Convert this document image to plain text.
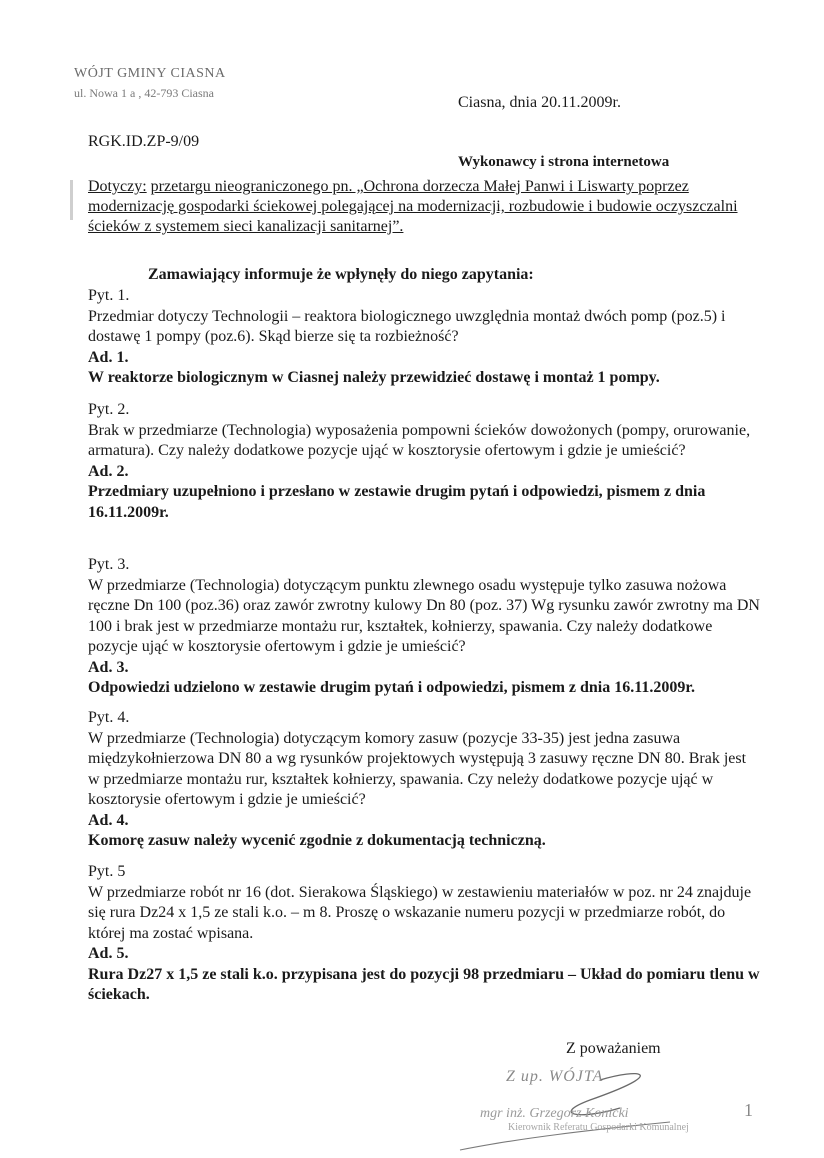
WÓJT GMINY CIASNA
ul. Nowa 1 a , 42-793 Ciasna
Ciasna, dnia 20.11.2009r.
RGK.ID.ZP-9/09
Wykonawcy i strona internetowa
Dotyczy: przetargu nieograniczonego pn. „Ochrona dorzecza Małej Panwi i Liswarty poprzez modernizację gospodarki ściekowej polegającej na modernizacji, rozbudowie i budowie oczyszczalni ścieków z systemem sieci kanalizacji sanitarnej”.
Zamawiający informuje że wpłynęły do niego zapytania:
Pyt. 1.
Przedmiar dotyczy Technologii – reaktora biologicznego uwzględnia montaż dwóch pomp (poz.5) i dostawę 1 pompy (poz.6). Skąd bierze się ta rozbieżność?
Ad. 1.
W reaktorze biologicznym w Ciasnej należy przewidzieć dostawę i montaż 1 pompy.
Pyt. 2.
Brak w przedmiarze (Technologia) wyposażenia pompowni ścieków dowożonych (pompy, orurowanie, armatura). Czy należy dodatkowe pozycje ująć w kosztorysie ofertowym i gdzie je umieścić?
Ad. 2.
Przedmiary uzupełniono i przesłano w zestawie drugim pytań i odpowiedzi, pismem z dnia 16.11.2009r.
Pyt. 3.
W przedmiarze (Technologia) dotyczącym punktu zlewnego osadu występuje tylko zasuwa nożowa ręczne Dn 100 (poz.36) oraz zawór zwrotny kulowy Dn 80 (poz. 37) Wg rysunku zawór zwrotny ma DN 100 i brak jest w przedmiarze montażu rur, kształtek, kołnierzy, spawania. Czy należy dodatkowe pozycje ująć w kosztorysie ofertowym i gdzie je umieścić?
Ad. 3.
Odpowiedzi udzielono w zestawie drugim pytań i odpowiedzi, pismem z dnia 16.11.2009r.
Pyt. 4.
W przedmiarze (Technologia) dotyczącym komory zasuw (pozycje 33-35) jest jedna zasuwa międzykołnierzowa DN 80 a wg rysunków projektowych występują 3 zasuwy ręczne DN 80. Brak jest w przedmiarze montażu rur, kształtek kołnierzy, spawania. Czy neleży dodatkowe pozycje ująć w kosztorysie ofertowym i gdzie je umieścić?
Ad. 4.
Komorę zasuw należy wycenić zgodnie z dokumentacją techniczną.
Pyt. 5
W przedmiarze robót nr 16 (dot. Sierakowa Śląskiego) w zestawieniu materiałów w poz. nr 24 znajduje się rura Dz24 x 1,5 ze stali k.o. – m 8. Proszę o wskazanie numeru pozycji w przedmiarze robót, do której ma zostać wpisana.
Ad. 5.
Rura Dz27 x 1,5 ze stali k.o. przypisana jest do pozycji 98 przedmiaru – Układ do pomiaru tlenu w ściekach.
Z poważaniem
Z up. WÓJTA
mgr inż. Grzegorz Konicki
Kierownik Referatu Gospodarki Komunalnej
1
